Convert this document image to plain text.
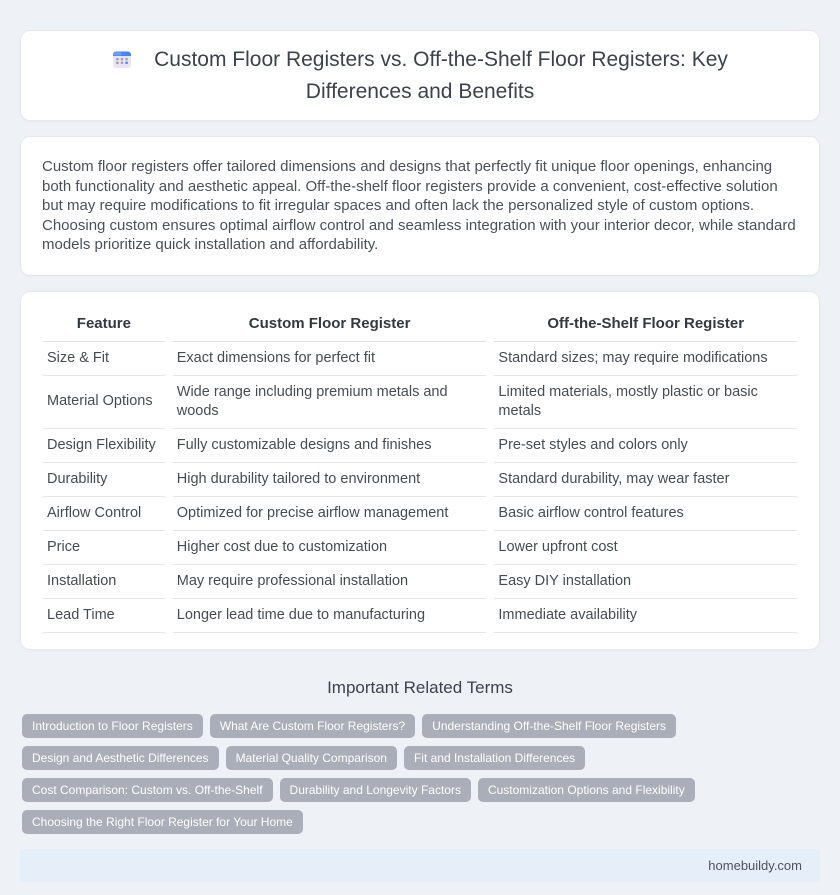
Custom Floor Registers vs. Off-the-Shelf Floor Registers: Key Differences and Benefits

Custom floor registers offer tailored dimensions and designs that perfectly fit unique floor openings, enhancing both functionality and aesthetic appeal. Off-the-shelf floor registers provide a convenient, cost-effective solution but may require modifications to fit irregular spaces and often lack the personalized style of custom options. Choosing custom ensures optimal airflow control and seamless integration with your interior decor, while standard models prioritize quick installation and affordability.

Feature	Custom Floor Register	Off-the-Shelf Floor Register
Size & Fit	Exact dimensions for perfect fit	Standard sizes; may require modifications
Material Options	Wide range including premium metals and woods	Limited materials, mostly plastic or basic metals
Design Flexibility	Fully customizable designs and finishes	Pre-set styles and colors only
Durability	High durability tailored to environment	Standard durability, may wear faster
Airflow Control	Optimized for precise airflow management	Basic airflow control features
Price	Higher cost due to customization	Lower upfront cost
Installation	May require professional installation	Easy DIY installation
Lead Time	Longer lead time due to manufacturing	Immediate availability
Important Related Terms
Introduction to Floor Registers	What Are Custom Floor Registers?	Understanding Off-the-Shelf Floor Registers
Design and Aesthetic Differences	Material Quality Comparison	Fit and Installation Differences
Cost Comparison: Custom vs. Off-the-Shelf	Durability and Longevity Factors	Customization Options and Flexibility
Choosing the Right Floor Register for Your Home
homebuildy.com
